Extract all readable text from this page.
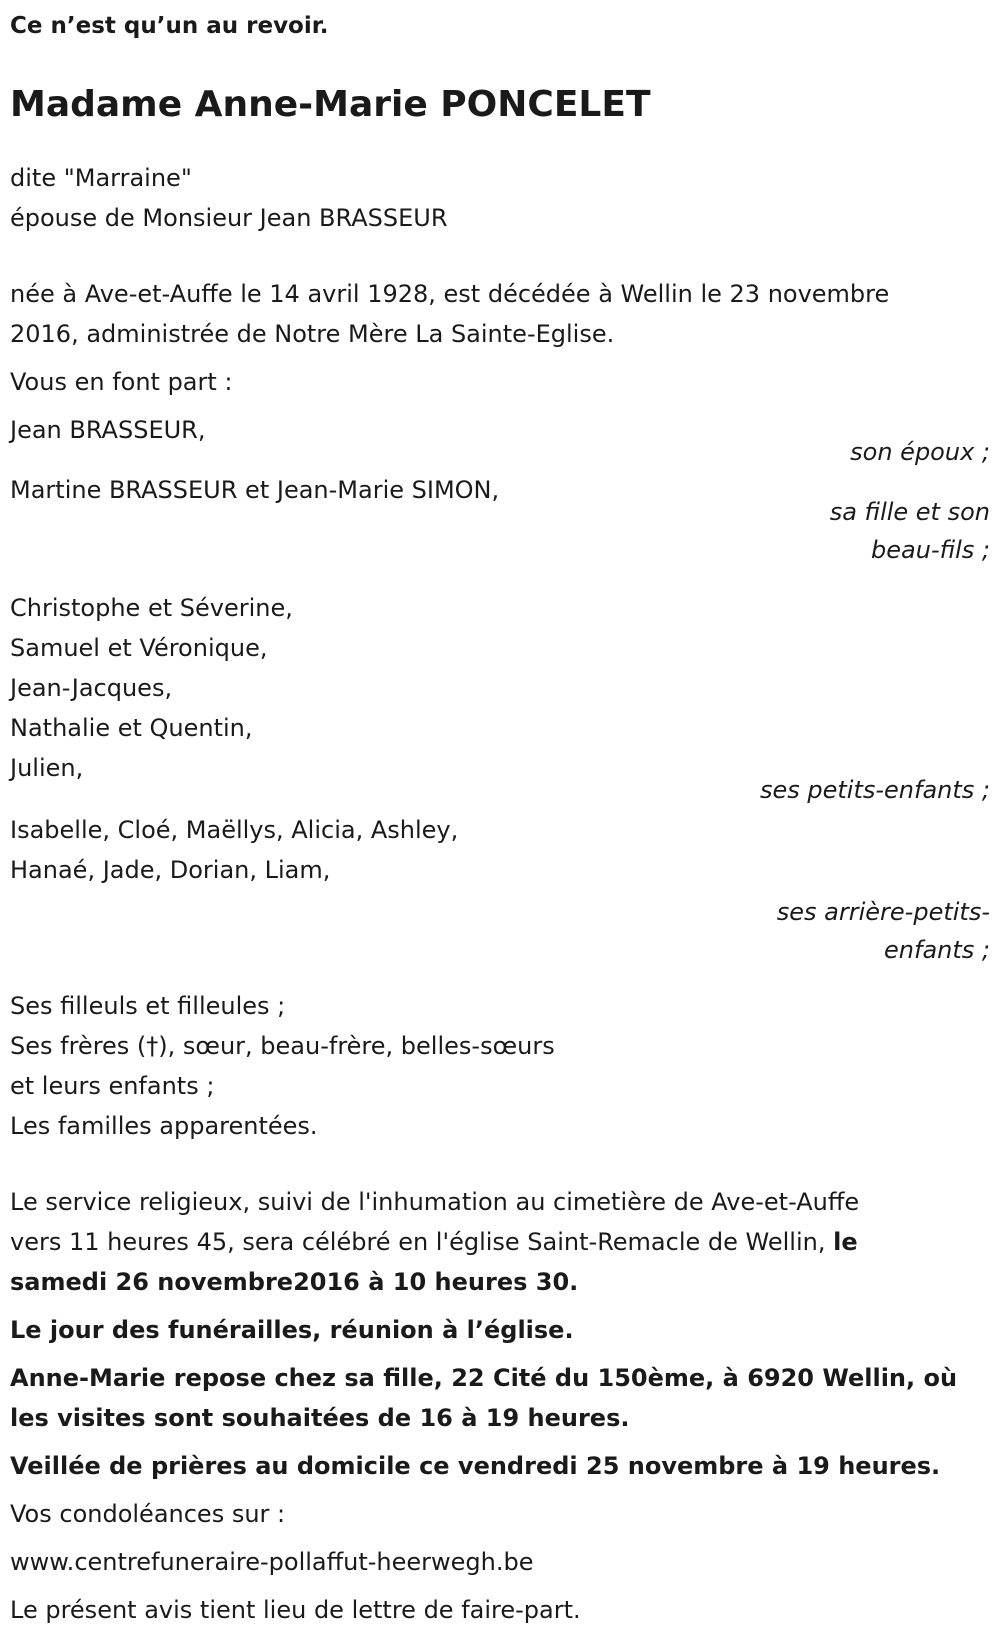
Ce n’est qu’un au revoir.
Madame Anne-Marie PONCELET
dite "Marraine"
épouse de Monsieur Jean BRASSEUR
née à Ave-et-Auffe le 14 avril 1928, est décédée à Wellin le 23 novembre
2016, administrée de Notre Mère La Sainte-Eglise.
Vous en font part :
Jean BRASSEUR,
son époux ;
Martine BRASSEUR et Jean-Marie SIMON,
sa fille et son
beau-fils ;
Christophe et Séverine,
Samuel et Véronique,
Jean-Jacques,
Nathalie et Quentin,
Julien,
ses petits-enfants ;
Isabelle, Cloé, Maëllys, Alicia, Ashley,
Hanaé, Jade, Dorian, Liam,
ses arrière-petits-
enfants ;
Ses filleuls et filleules ;
Ses frères (†), sœur, beau-frère, belles-sœurs
et leurs enfants ;
Les familles apparentées.
Le service religieux, suivi de l'inhumation au cimetière de Ave-et-Auffe
vers 11 heures 45, sera célébré en l'église Saint-Remacle de Wellin, le
samedi 26 novembre2016 à 10 heures 30.
Le jour des funérailles, réunion à l’église.
Anne-Marie repose chez sa fille, 22 Cité du 150ème, à 6920 Wellin, où
les visites sont souhaitées de 16 à 19 heures.
Veillée de prières au domicile ce vendredi 25 novembre à 19 heures.
Vos condoléances sur :
www.centrefuneraire-pollaffut-heerwegh.be
Le présent avis tient lieu de lettre de faire-part.
